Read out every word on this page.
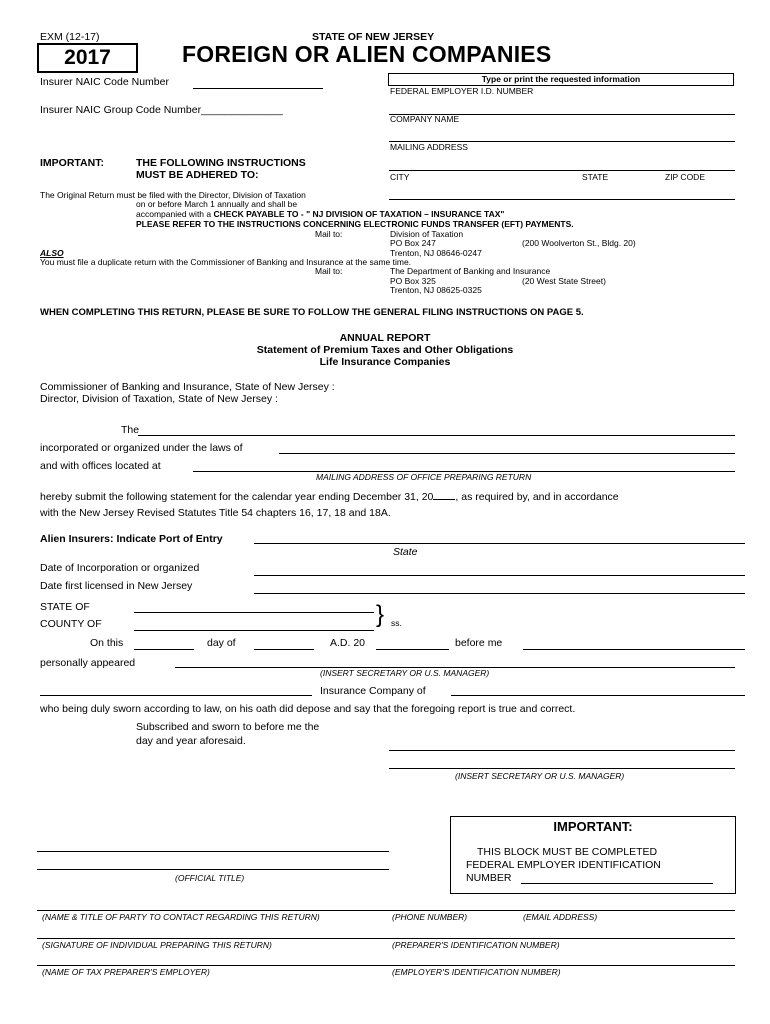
EXM (12-17)	STATE OF NEW JERSEY
2017	FOREIGN OR ALIEN COMPANIES
Type or print the requested information
Insurer NAIC Code Number
Insurer NAIC Group Code Number______________
FEDERAL EMPLOYER I.D. NUMBER
COMPANY NAME
MAILING ADDRESS
CITY	STATE	ZIP CODE
IMPORTANT:	THE FOLLOWING INSTRUCTIONS
MUST BE ADHERED TO:
The Original Return must be filed with the Director, Division of Taxation
on or before March 1 annually and shall be
accompanied with a CHECK PAYABLE TO - " NJ DIVISION OF TAXATION – INSURANCE TAX"
PLEASE REFER TO THE INSTRUCTIONS CONCERNING ELECTRONIC FUNDS TRANSFER (EFT) PAYMENTS.
Mail to:	Division of Taxation
PO Box 247	(200 Woolverton St., Bldg. 20)
Trenton, NJ 08646-0247
ALSO
You must file a duplicate return with the Commissioner of Banking and Insurance at the same time.
Mail to:	The Department of Banking and Insurance
PO Box 325	(20 West State Street)
Trenton, NJ 08625-0325
WHEN COMPLETING THIS RETURN, PLEASE BE SURE TO FOLLOW THE GENERAL FILING INSTRUCTIONS ON PAGE 5.
ANNUAL REPORT
Statement of Premium Taxes and Other Obligations
Life Insurance Companies
Commissioner of Banking and Insurance, State of New Jersey :
Director, Division of Taxation, State of New Jersey :
The
incorporated or organized under the laws of
and with offices located at
MAILING ADDRESS OF OFFICE PREPARING RETURN
hereby submit the following statement for the calendar year ending December 31, 20 , as required by, and in accordance
with the New Jersey Revised Statutes Title 54 chapters 16, 17, 18 and 18A.
Alien Insurers: Indicate Port of Entry
State
Date of Incorporation or organized
Date first licensed in New Jersey
STATE OF
COUNTY OF	} ss.
On this	day of	A.D. 20	before me
personally appeared
(INSERT SECRETARY OR U.S. MANAGER)
Insurance Company of
who being duly sworn according to law, on his oath did depose and say that the foregoing report is true and correct.
Subscribed and sworn to before me the
day and year aforesaid.
(INSERT SECRETARY OR U.S. MANAGER)
IMPORTANT:
THIS BLOCK MUST BE COMPLETED
FEDERAL EMPLOYER IDENTIFICATION
NUMBER
(OFFICIAL TITLE)
(NAME & TITLE OF PARTY TO CONTACT REGARDING THIS RETURN)	(PHONE NUMBER)	(EMAIL ADDRESS)
(SIGNATURE OF INDIVIDUAL PREPARING THIS RETURN)	(PREPARER'S IDENTIFICATION NUMBER)
(NAME OF TAX PREPARER'S EMPLOYER)	(EMPLOYER'S IDENTIFICATION NUMBER)
